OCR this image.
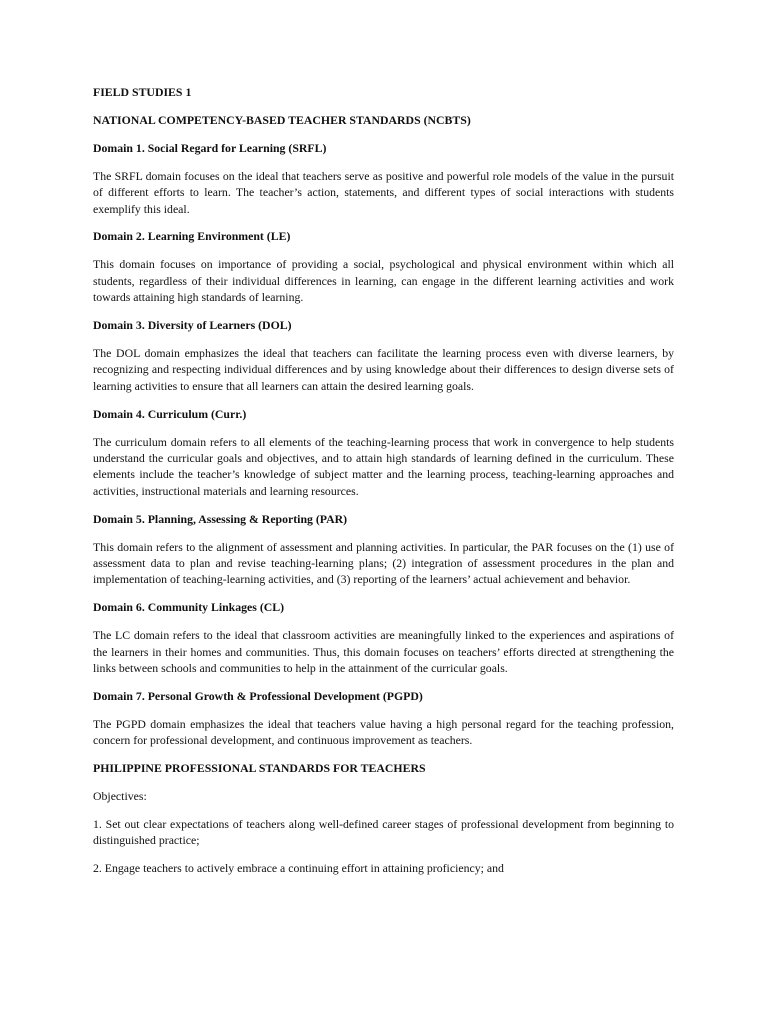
FIELD STUDIES 1
NATIONAL COMPETENCY-BASED TEACHER STANDARDS (NCBTS)
Domain 1. Social Regard for Learning (SRFL)
The SRFL domain focuses on the ideal that teachers serve as positive and powerful role models of the value in the pursuit of different efforts to learn. The teacher’s action, statements, and different types of social interactions with students exemplify this ideal.
Domain 2. Learning Environment (LE)
This domain focuses on importance of providing a social, psychological and physical environment within which all students, regardless of their individual differences in learning, can engage in the different learning activities and work towards attaining high standards of learning.
Domain 3. Diversity of Learners (DOL)
The DOL domain emphasizes the ideal that teachers can facilitate the learning process even with diverse learners, by recognizing and respecting individual differences and by using knowledge about their differences to design diverse sets of learning activities to ensure that all learners can attain the desired learning goals.
Domain 4. Curriculum (Curr.)
The curriculum domain refers to all elements of the teaching-learning process that work in convergence to help students understand the curricular goals and objectives, and to attain high standards of learning defined in the curriculum. These elements include the teacher’s knowledge of subject matter and the learning process, teaching-learning approaches and activities, instructional materials and learning resources.
Domain 5. Planning, Assessing & Reporting (PAR)
This domain refers to the alignment of assessment and planning activities. In particular, the PAR focuses on the (1) use of assessment data to plan and revise teaching-learning plans; (2) integration of assessment procedures in the plan and implementation of teaching-learning activities, and (3) reporting of the learners’ actual achievement and behavior.
Domain 6. Community Linkages (CL)
The LC domain refers to the ideal that classroom activities are meaningfully linked to the experiences and aspirations of the learners in their homes and communities. Thus, this domain focuses on teachers’ efforts directed at strengthening the links between schools and communities to help in the attainment of the curricular goals.
Domain 7. Personal Growth & Professional Development (PGPD)
The PGPD domain emphasizes the ideal that teachers value having a high personal regard for the teaching profession, concern for professional development, and continuous improvement as teachers.
PHILIPPINE PROFESSIONAL STANDARDS FOR TEACHERS
Objectives:
1. Set out clear expectations of teachers along well-defined career stages of professional development from beginning to distinguished practice;
2. Engage teachers to actively embrace a continuing effort in attaining proficiency; and
